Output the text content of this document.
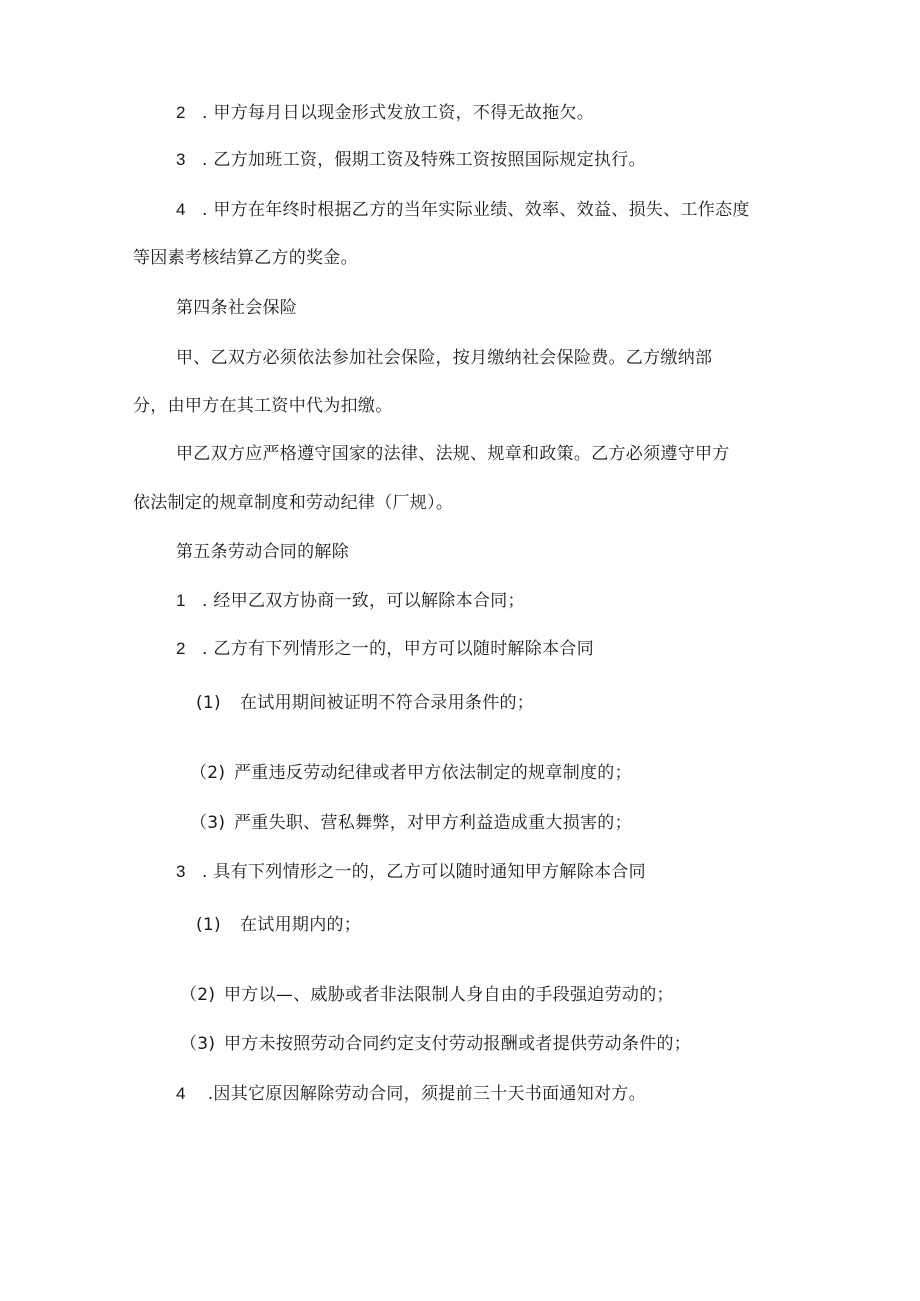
2 . 甲方每月日以现金形式发放工资，不得无故拖欠。
3 . 乙方加班工资，假期工资及特殊工资按照国际规定执行。
4 . 甲方在年终时根据乙方的当年实际业绩、效率、效益、损失、工作态度
等因素考核结算乙方的奖金。
第四条社会保险
甲、乙双方必须依法参加社会保险，按月缴纳社会保险费。乙方缴纳部
分，由甲方在其工资中代为扣缴。
甲乙双方应严格遵守国家的法律、法规、规章和政策。乙方必须遵守甲方
依法制定的规章制度和劳动纪律（厂规）。
第五条劳动合同的解除
1 . 经甲乙双方协商一致，可以解除本合同；
2 . 乙方有下列情形之一的，甲方可以随时解除本合同
(1) 在试用期间被证明不符合录用条件的；
（2) 严重违反劳动纪律或者甲方依法制定的规章制度的；
（3) 严重失职、营私舞弊，对甲方利益造成重大损害的；
3 . 具有下列情形之一的，乙方可以随时通知甲方解除本合同
(1) 在试用期内的；
（2) 甲方以—、威胁或者非法限制人身自由的手段强迫劳动的；
（3) 甲方未按照劳动合同约定支付劳动报酬或者提供劳动条件的；
4 .因其它原因解除劳动合同，须提前三十天书面通知对方。
